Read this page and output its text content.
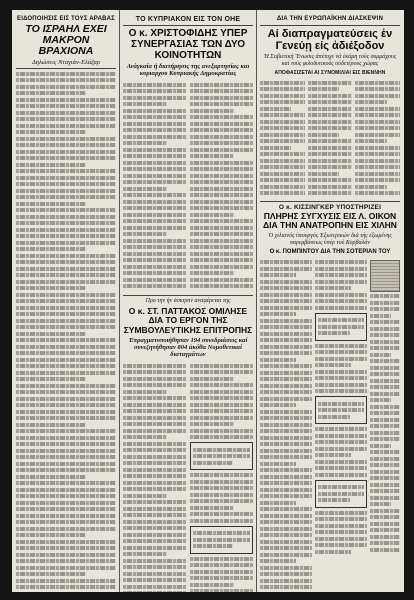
ΕΙΔΟΠΟΙΗΣΙΣ ΕΙΣ ΤΟΥΣ ΑΡΑΒΑΣ
ΤΟ ΙΣΡΑΗΛ ΕΧΕΙ ΜΑΚΡΟΝ ΒΡΑΧΙΟΝΑ
Δηλώσεις Νταγιάν-Ελάζαρ
ΤΟ ΚΥΠΡΙΑΚΟΝ ΕΙΣ ΤΟΝ ΟΗΕ
Ο κ. ΧΡΙΣΤΟΦΙΔΗΣ ΥΠΕΡ ΣΥΝΕΡΓΑΣΙΑΣ ΤΩΝ ΔΥΟ ΚΟΙΝΟΤΗΤΩΝ
Ανάγκαία ή διατήρησις της ανεξαρτησίας και κυριαρχου Κυπριακής Δημοκρατίας
Προ την ήν άσκησιν αναφέρεται της
Ο κ. ΣΤ. ΠΑΤΤΑΚΟΣ ΟΜΙΛΗΣΕ ΔΙΑ ΤΟ ΕΡΓΟΝ ΤΗΣ ΣΥΜΒΟΥΛΕΥΤΙΚΗΣ ΕΠΙΤΡΟΠΗΣ
Ἐπραγματοποιήθησαν 194 συνεδριάσεις καί συνεζητήθησαν 804 ἀκόθα Νομοθετικαί διαταγμάτων
ΔΙΑ ΤΗΝ ΕΥΡΩΠΑΪΚΗΝ ΔΙΑΣΚΕΨΙΝ
Αί διαπραγματεύσεις ἐν Γενεύῃ είς ἀδιέξοδον
Ἡ Σοβιετική Ἕνωσις ἀπέτυχε νά ἐκάμη τούς συμμάχους καί τούς φιλοδυτικούς οὐδετέρους χώρας
ΑΠΟΦΑΣΙΖΕΤΑΙ ΑΙ ΣΥΝΟΜΙΛΙΑΙ ΕΙΣ ΒΙΕΝΝΗΝ
Ο κ. ΚΙΣΣΙΝΓΚΕΡ ΥΠΟΣΤΗΡΙΖΕΙ
ΠΛΗΡΗΣ ΣΥΓΧΥΣΙΣ ΕΙΣ Λ. ΟΙΚΟΝ ΔΙΑ ΤΗΝ ΑΝΑΤΡΟΠΗΝ ΕΙΣ ΧΙΛΗΝ
Ὁ χιλιανός ὑπουργός Ἐξωτερικών διά τής ἐξωμένης παρεμβάσεως ὑπέρ τού Κορβαλάν
Ο κ. ΠΟΜΠΙΝΤΟΥ ΔΙΑ ΤΗΝ ΣΟΤΕΡΙΑΝ ΤΟΥ
